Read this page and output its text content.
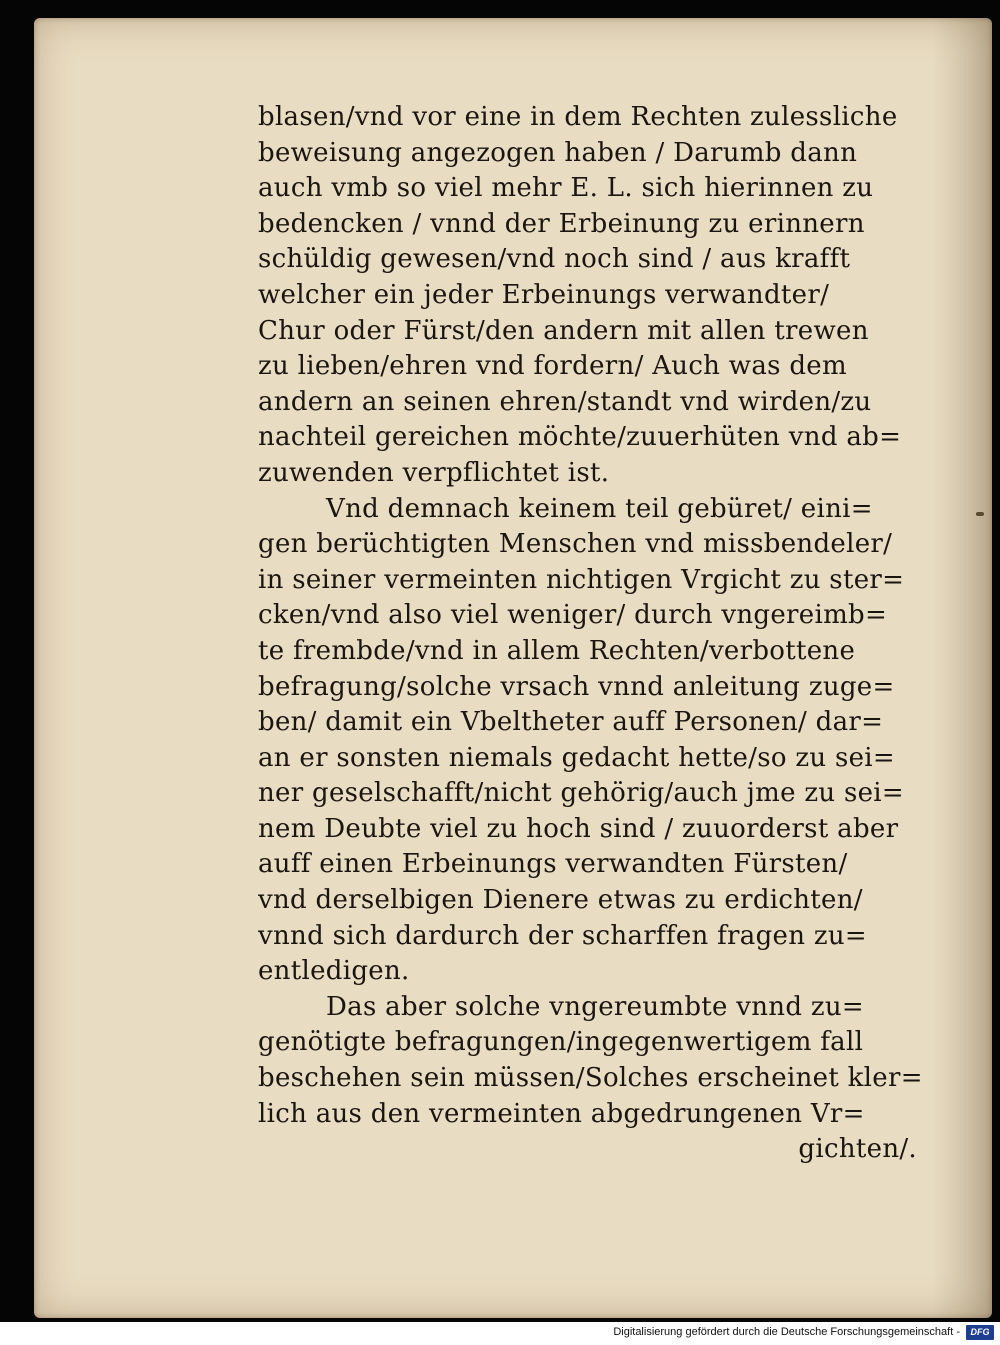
blasen/vnd vor eine in dem Rechten zulessliche
beweisung angezogen haben / Darumb dann
auch vmb so viel mehr E. L. sich hierinnen zu
bedencken / vnnd der Erbeinung zu erinnern
schüldig gewesen/vnd noch sind / aus krafft
welcher ein jeder Erbeinungs verwandter/
Chur oder Fürst/den andern mit allen trewen
zu lieben/ehren vnd fordern/ Auch was dem
andern an seinen ehren/standt vnd wirden/zu
nachteil gereichen möchte/zuuerhüten vnd ab=
zuwenden verpflichtet ist.
Vnd demnach keinem teil gebüret/ eini=
gen berüchtigten Menschen vnd missbendeler/
in seiner vermeinten nichtigen Vrgicht zu ster=
cken/vnd also viel weniger/ durch vngereimb=
te frembde/vnd in allem Rechten/verbottene
befragung/solche vrsach vnnd anleitung zuge=
ben/ damit ein Vbeltheter auff Personen/ dar=
an er sonsten niemals gedacht hette/so zu sei=
ner geselschafft/nicht gehörig/auch jme zu sei=
nem Deubte viel zu hoch sind / zuuorderst aber
auff einen Erbeinungs verwandten Fürsten/
vnd derselbigen Dienere etwas zu erdichten/
vnnd sich dardurch der scharffen fragen zu=
entledigen.
Das aber solche vngereumbte vnnd zu=
genötigte befragungen/ingegenwertigem fall
beschehen sein müssen/Solches erscheinet kler=
lich aus den vermeinten abgedrungenen Vr=
gichten/.
Digitalisierung gefördert durch die Deutsche Forschungsgemeinschaft -	DFG
